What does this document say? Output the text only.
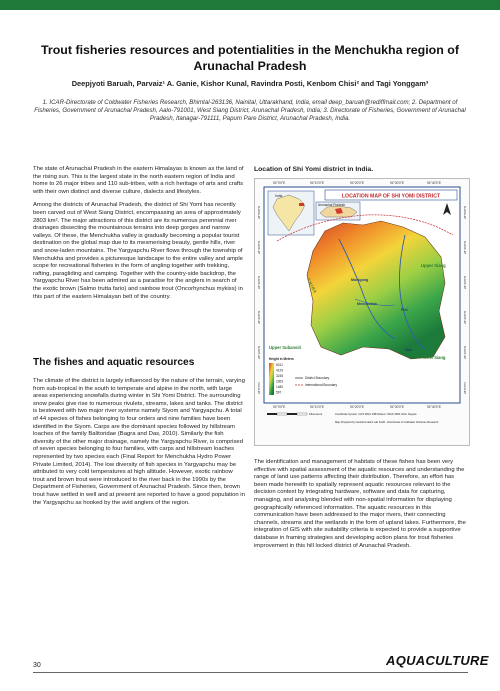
Trout fisheries resources and potentialities in the Menchukha region of Arunachal Pradesh
Deepjyoti Baruah, Parvaiz¹ A. Ganie, Kishor Kunal, Ravindra Posti, Kenbom Chisi² and Tagi Yonggam³
1. ICAR-Directorate of Coldwater Fisheries Research, Bhimtal-263136, Nainital, Uttarakhand, India, email deep_baruah@rediffmail.com; 2. Department of Fisheries, Government of Arunachal Pradesh, Aalo-791001, West Siang District, Arunachal Pradesh, India; 3. Directorate of Fisheries, Government of Arunachal Pradesh, Itanagar-791111, Papum Pare District, Arunachal Pradesh, India.

The state of Arunachal Pradesh in the eastern Himalayas is known as the land of the rising sun. This is the largest state in the north eastern region of India and home to 26 major tribes and 110 sub-tribes, with a rich heritage of arts and crafts with their own distinct and diverse culture, dialects and lifestyles.

Among the districts of Arunachal Pradesh, the district of Shi Yomi has recently been carved out of West Siang District, encompassing an area of approximately 2803 km². The major attractions of this district are its numerous perennial river drainages dissecting the mountainous terrains into deep gorges and narrow valleys. Of these, the Menchukha valley is gradually becoming a popular tourist destination on the global map due to its mesmerising beauty, gentle hills, river and snow-laden mountains. The Yargyapchu River flows through the township of Menchukha and provides a picturesque landscape to the entire valley and ample scope for recreational fisheries in the form of angling together with trekking, rafting, paragliding and camping. Together with the country-side backdrop, the Yargyapchu River has been admired as a paradise for the anglers in search of the exotic brown (Salmo trutta fario) and rainbow trout (Oncorhynchus mykiss) in this part of the eastern Himalayan belt of the country.

The fishes and aquatic resources

The climate of the district is largely influenced by the nature of the terrain, varying from sub-tropical in the south to temperate and alpine in the north, with large areas experiencing snowfalls during winter in Shi Yomi District. The surrounding snow peaks give rise to numerous rivulets, streams, lakes and tanks. The district is bestowed with two major river systems namely Siyom and Yargyapchu. A total of 44 species of fishes belonging to four orders and nine families have been identified in the Siyom. Carps are the dominant species followed by hillstream loaches of the family Balitoridae (Bagra and Das, 2010). Similarly the fish diversity of the other major drainage, namely the Yargyapchu River, is comprised of seven species belonging to four families, with carps and hillstream loaches represented by two species each (Final Report for Menchukha Hydro Power Private Limited, 2014). The low diversity of fish species in Yargyapchu may be attributed to very cold temperatures at high altitude. However, exotic rainbow trout and brown trout were introduced to the river back in the 1990s by the Department of Fisheries, Government of Arunachal Pradesh. Since then, brown trout have settled in well and at present are reported to have a good population in the Yargyapchu as hooked by the avid anglers of the region.

Location of Shi Yomi district in India.
94°0'0"E	94°10'0"E	94°20'0"E	94°30'0"E	94°40'0"E
94°0'0"E	94°10'0"E	94°20'0"E	94°30'0"E	94°40'0"E
28°50'0"N
28°40'0"N
28°30'0"N
28°20'0"N
28°10'0"N
28°0'0"N
28°50'0"N
28°40'0"N
28°30'0"N
28°20'0"N
28°10'0"N
28°0'0"N
LOCATION MAP OF SHI YOMI DISTRICT
India
Arunachal Pradesh
Upper Siang
Monigong
Menchukha
Pidi
Tato
Upper Subansiri
West Siang
C H I N A
Height in Meters
5011
4129
3245
2363
1480
597
District Boundary
International Boundary
Kilometers	Coordinate System: GCS WGS 1984 Datum: WGS 1984 Units: Degree
Map Prepared by Geoinformatics Lab ICAR - Directorate of Coldwater Fisheries Research

The identification and management of habitats of these fishes has been very effective with spatial assessment of the aquatic resources and understanding the range of land use patterns affecting their distribution. Therefore, an effort has been made herewith to spatially represent aquatic resources relevant to the decision context by integrating hardware, software and data for capturing, managing, and analysing blended with non-spatial information for displaying geographically referenced information. The aquatic resources in this communication have been addressed to the major rivers, their connecting channels, streams and the wetlands in the form of upland lakes. Furthermore, the integration of GIS with site suitability criteria is expected to provide a supportive database in framing strategies and developing action plans for trout fisheries improvement in this hill locked district of Arunachal Pradesh.

30	AQUACULTURE
